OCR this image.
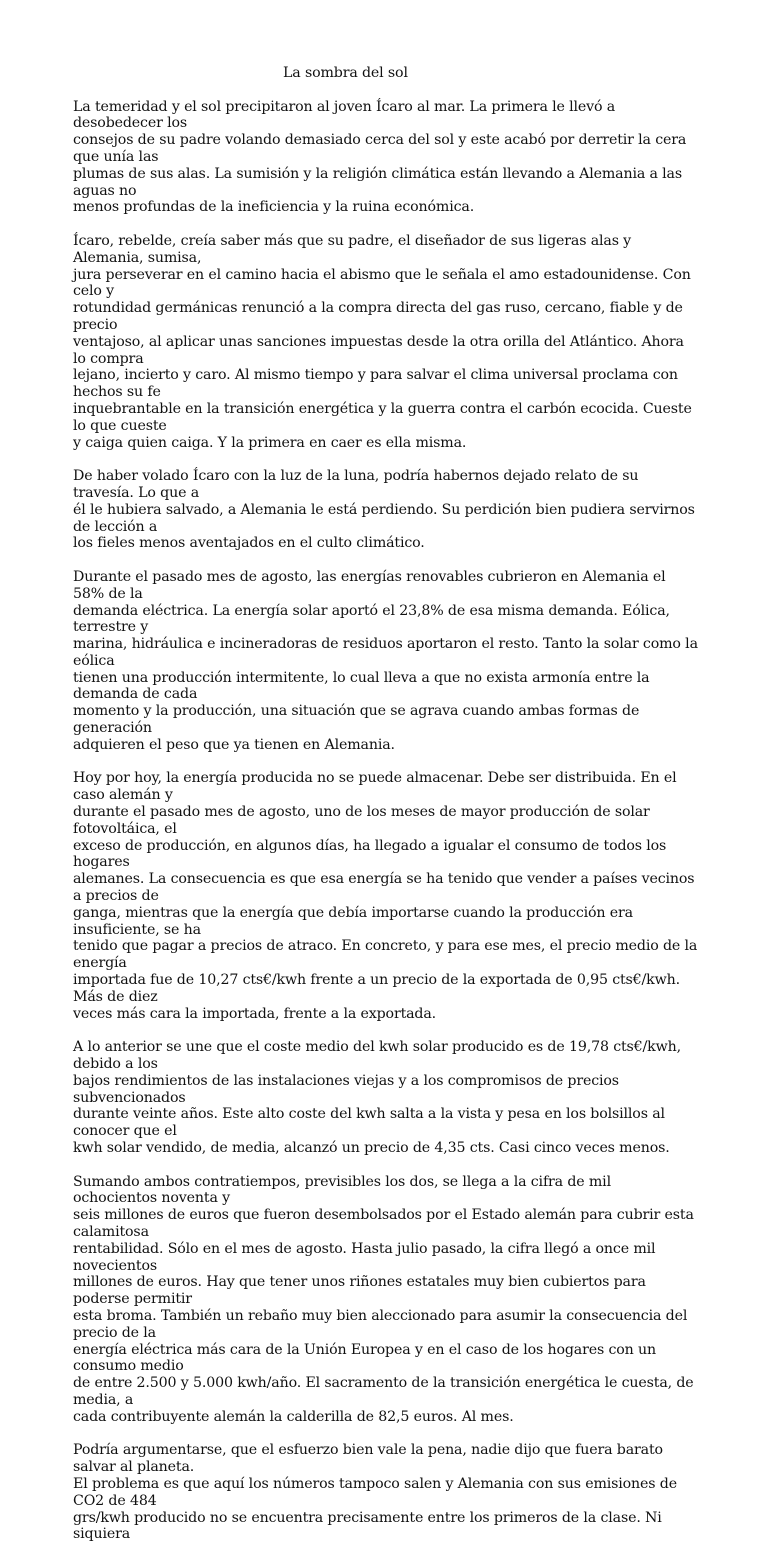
La sombra del sol

La temeridad y el sol precipitaron al joven Ícaro al mar. La primera le llevó a desobedecer los
consejos de su padre volando demasiado cerca del sol y este acabó por derretir la cera que unía las
plumas de sus alas. La sumisión y la religión climática están llevando a Alemania a las aguas no
menos profundas de la ineficiencia y la ruina económica.

Ícaro, rebelde, creía saber más que su padre, el diseñador de sus ligeras alas y Alemania, sumisa,
jura perseverar en el camino hacia el abismo que le señala el amo estadounidense. Con celo y
rotundidad germánicas renunció a la compra directa del gas ruso, cercano, fiable y de precio
ventajoso, al aplicar unas sanciones impuestas desde la otra orilla del Atlántico. Ahora lo compra
lejano, incierto y caro. Al mismo tiempo y para salvar el clima universal proclama con hechos su fe
inquebrantable en la transición energética y la guerra contra el carbón ecocida. Cueste lo que cueste
y caiga quien caiga. Y la primera en caer es ella misma.

De haber volado Ícaro con la luz de la luna, podría habernos dejado relato de su travesía. Lo que a
él le hubiera salvado, a Alemania le está perdiendo. Su perdición bien pudiera servirnos de lección a
los fieles menos aventajados en el culto climático.

Durante el pasado mes de agosto, las energías renovables cubrieron en Alemania el 58% de la
demanda eléctrica. La energía solar aportó el 23,8% de esa misma demanda. Eólica, terrestre y
marina, hidráulica e incineradoras de residuos aportaron el resto. Tanto la solar como la eólica
tienen una producción intermitente, lo cual lleva a que no exista armonía entre la demanda de cada
momento y la producción, una situación que se agrava cuando ambas formas de generación
adquieren el peso que ya tienen en Alemania.

Hoy por hoy, la energía producida no se puede almacenar. Debe ser distribuida. En el caso alemán y
durante el pasado mes de agosto, uno de los meses de mayor producción de solar fotovoltáica, el
exceso de producción, en algunos días, ha llegado a igualar el consumo de todos los hogares
alemanes. La consecuencia es que esa energía se ha tenido que vender a países vecinos a precios de
ganga, mientras que la energía que debía importarse cuando la producción era insuficiente, se ha
tenido que pagar a precios de atraco. En concreto, y para ese mes, el precio medio de la energía
importada fue de 10,27 cts€/kwh frente a un precio de la exportada de 0,95 cts€/kwh. Más de diez
veces más cara la importada, frente a la exportada.

A lo anterior se une que el coste medio del kwh solar producido es de 19,78 cts€/kwh, debido a los
bajos rendimientos de las instalaciones viejas y a los compromisos de precios subvencionados
durante veinte años. Este alto coste del kwh salta a la vista y pesa en los bolsillos al conocer que el
kwh solar vendido, de media, alcanzó un precio de 4,35 cts. Casi cinco veces menos.

Sumando ambos contratiempos, previsibles los dos, se llega a la cifra de mil ochocientos noventa y
seis millones de euros que fueron desembolsados por el Estado alemán para cubrir esta calamitosa
rentabilidad. Sólo en el mes de agosto. Hasta julio pasado, la cifra llegó a once mil novecientos
millones de euros. Hay que tener unos riñones estatales muy bien cubiertos para poderse permitir
esta broma. También un rebaño muy bien aleccionado para asumir la consecuencia del precio de la
energía eléctrica más cara de la Unión Europea y en el caso de los hogares con un consumo medio
de entre 2.500 y 5.000 kwh/año. El sacramento de la transición energética le cuesta, de media, a
cada contribuyente alemán la calderilla de 82,5 euros. Al mes.

Podría argumentarse, que el esfuerzo bien vale la pena, nadie dijo que fuera barato salvar al planeta.
El problema es que aquí los números tampoco salen y Alemania con sus emisiones de CO2 de 484
grs/kwh producido no se encuentra precisamente entre los primeros de la clase. Ni siquiera
